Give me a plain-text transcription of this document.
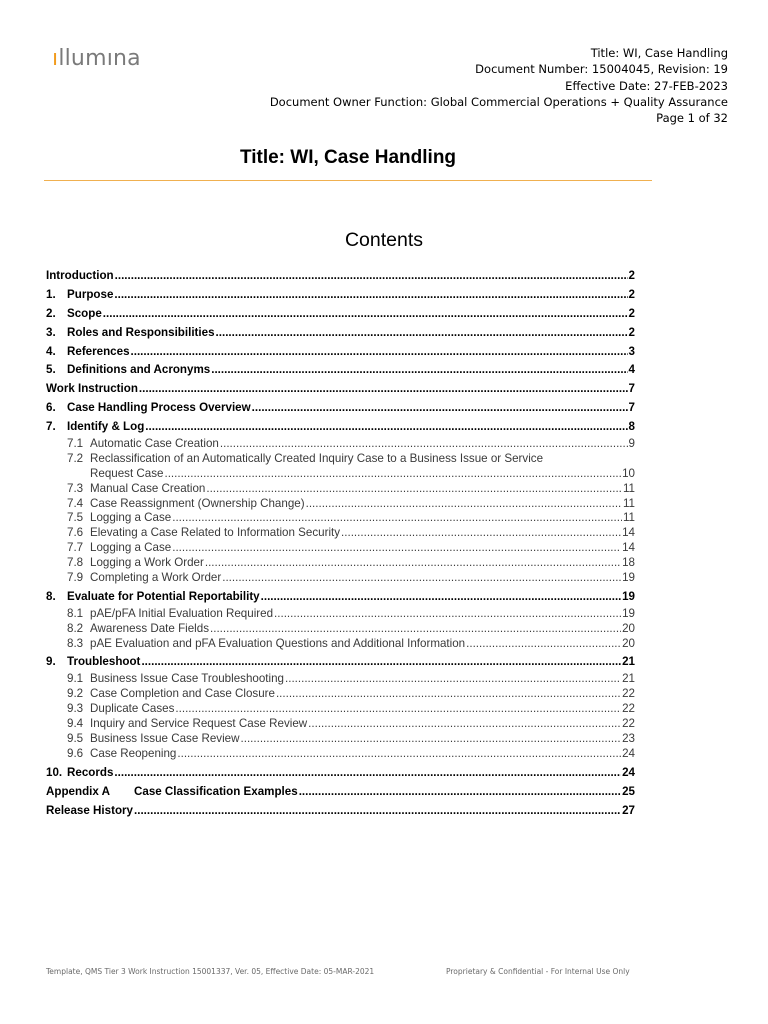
ıllumına	Title: WI, Case Handling
Document Number: 15004045, Revision: 19
Effective Date: 27-FEB-2023
Document Owner Function: Global Commercial Operations + Quality Assurance
Page 1 of 32
Title: WI, Case Handling
Contents
Introduction .....	2
1. Purpose .....	2
2. Scope .....	2
3. Roles and Responsibilities .....	2
4. References .....	3
5. Definitions and Acronyms .....	4
Work Instruction .....	7
6. Case Handling Process Overview .....	7
7. Identify & Log .....	8
7.1 Automatic Case Creation .....	9
7.2 Reclassification of an Automatically Created Inquiry Case to a Business Issue or Service
Request Case .....	10
7.3 Manual Case Creation .....	11
7.4 Case Reassignment (Ownership Change) .....	11
7.5 Logging a Case .....	11
7.6 Elevating a Case Related to Information Security .....	14
7.7 Logging a Case .....	14
7.8 Logging a Work Order .....	18
7.9 Completing a Work Order .....	19
8. Evaluate for Potential Reportability .....	19
8.1 pAE/pFA Initial Evaluation Required .....	19
8.2 Awareness Date Fields .....	20
8.3 pAE Evaluation and pFA Evaluation Questions and Additional Information .....	20
9. Troubleshoot .....	21
9.1 Business Issue Case Troubleshooting .....	21
9.2 Case Completion and Case Closure .....	22
9.3 Duplicate Cases .....	22
9.4 Inquiry and Service Request Case Review .....	22
9.5 Business Issue Case Review .....	23
9.6 Case Reopening .....	24
10. Records .....	24
Appendix A	Case Classification Examples .....	25
Release History .....	27
Template, QMS Tier 3 Work Instruction 15001337, Ver. 05, Effective Date: 05-MAR-2021	Proprietary & Confidential - For Internal Use Only
